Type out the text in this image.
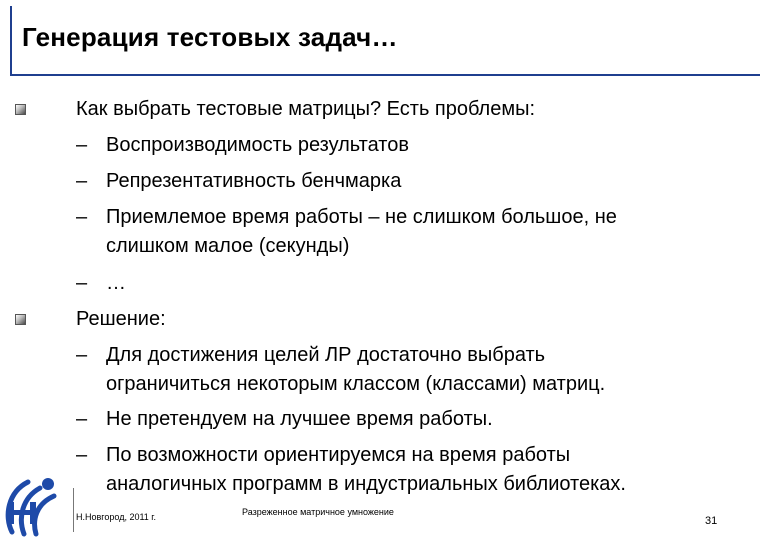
Генерация тестовых задач…
Как выбрать тестовые матрицы? Есть проблемы:
– Воспроизводимость результатов
– Репрезентативность бенчмарка
– Приемлемое время работы – не слишком большое, не
слишком малое (секунды)
– …
Решение:
– Для достижения целей ЛР достаточно выбрать
ограничиться некоторым классом (классами) матриц.
– Не претендуем на лучшее время работы.
– По возможности ориентируемся на время работы
аналогичных программ в индустриальных библиотеках.
Н.Новгород, 2011 г.	Разреженное матричное умножение
31
